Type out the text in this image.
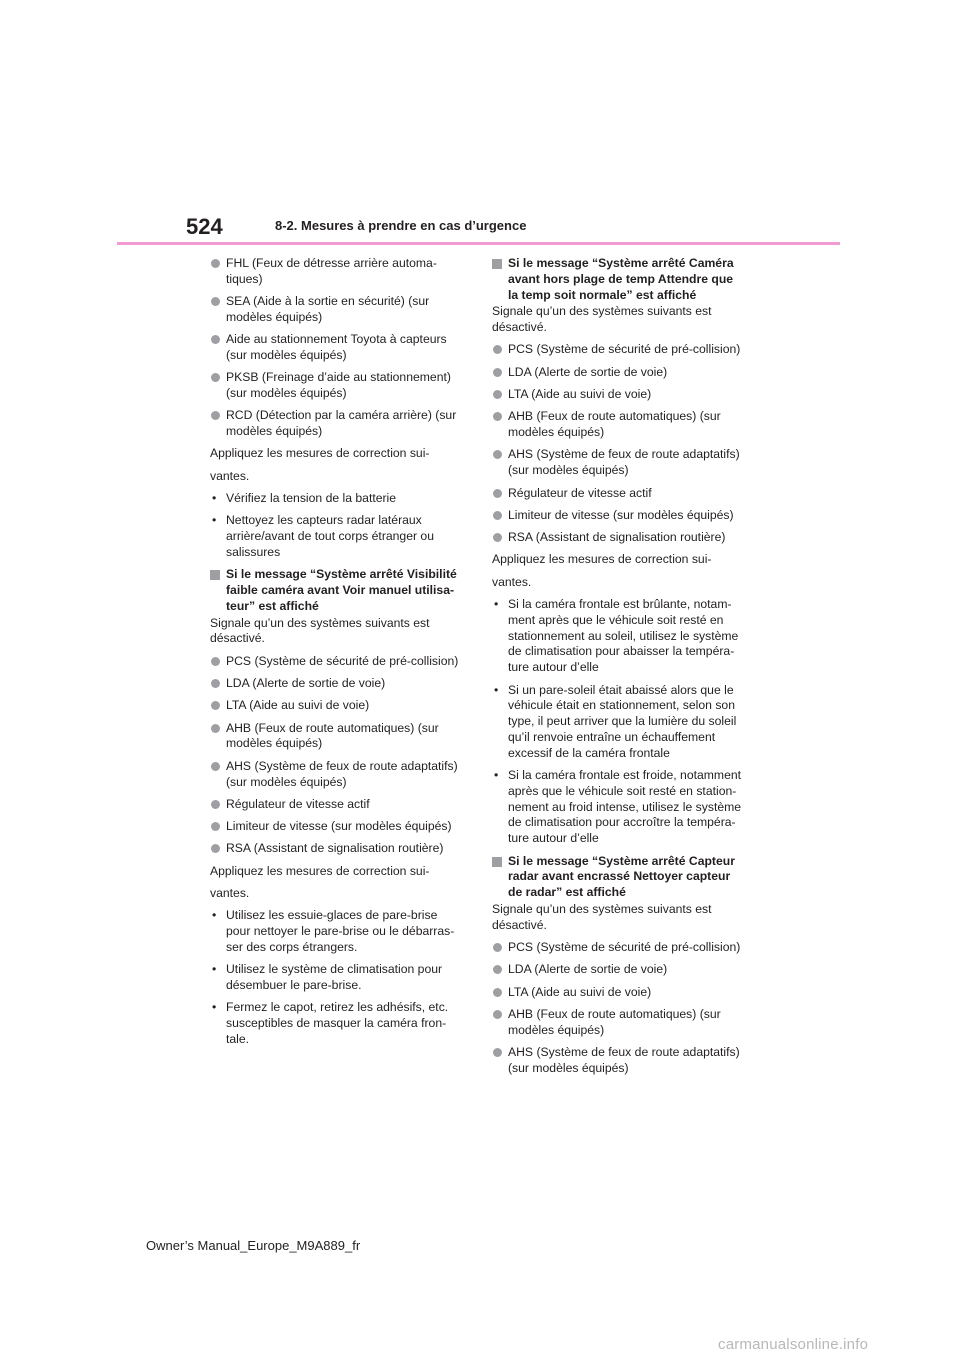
524	8-2. Mesures à prendre en cas d’urgence
FHL (Feux de détresse arrière automa-
tiques)
SEA (Aide à la sortie en sécurité) (sur
modèles équipés)
Aide au stationnement Toyota à capteurs
(sur modèles équipés)
PKSB (Freinage d’aide au stationnement)
(sur modèles équipés)
RCD (Détection par la caméra arrière) (sur
modèles équipés)
Appliquez les mesures de correction sui-
vantes.
• Vérifiez la tension de la batterie
• Nettoyez les capteurs radar latéraux
arrière/avant de tout corps étranger ou
salissures
Si le message “Système arrêté Visibilité
faible caméra avant Voir manuel utilisa-
teur” est affiché
Signale qu’un des systèmes suivants est
désactivé.
PCS (Système de sécurité de pré-collision)
LDA (Alerte de sortie de voie)
LTA (Aide au suivi de voie)
AHB (Feux de route automatiques) (sur
modèles équipés)
AHS (Système de feux de route adaptatifs)
(sur modèles équipés)
Régulateur de vitesse actif
Limiteur de vitesse (sur modèles équipés)
RSA (Assistant de signalisation routière)
Appliquez les mesures de correction sui-
vantes.
• Utilisez les essuie-glaces de pare-brise
pour nettoyer le pare-brise ou le débarras-
ser des corps étrangers.
• Utilisez le système de climatisation pour
désembuer le pare-brise.
• Fermez le capot, retirez les adhésifs, etc.
susceptibles de masquer la caméra fron-
tale.
Si le message “Système arrêté Caméra
avant hors plage de temp Attendre que
la temp soit normale” est affiché
Signale qu’un des systèmes suivants est
désactivé.
PCS (Système de sécurité de pré-collision)
LDA (Alerte de sortie de voie)
LTA (Aide au suivi de voie)
AHB (Feux de route automatiques) (sur
modèles équipés)
AHS (Système de feux de route adaptatifs)
(sur modèles équipés)
Régulateur de vitesse actif
Limiteur de vitesse (sur modèles équipés)
RSA (Assistant de signalisation routière)
Appliquez les mesures de correction sui-
vantes.
• Si la caméra frontale est brûlante, notam-
ment après que le véhicule soit resté en
stationnement au soleil, utilisez le système
de climatisation pour abaisser la tempéra-
ture autour d’elle
• Si un pare-soleil était abaissé alors que le
véhicule était en stationnement, selon son
type, il peut arriver que la lumière du soleil
qu’il renvoie entraîne un échauffement
excessif de la caméra frontale
• Si la caméra frontale est froide, notamment
après que le véhicule soit resté en station-
nement au froid intense, utilisez le système
de climatisation pour accroître la tempéra-
ture autour d’elle
Si le message “Système arrêté Capteur
radar avant encrassé Nettoyer capteur
de radar” est affiché
Signale qu’un des systèmes suivants est
désactivé.
PCS (Système de sécurité de pré-collision)
LDA (Alerte de sortie de voie)
LTA (Aide au suivi de voie)
AHB (Feux de route automatiques) (sur
modèles équipés)
AHS (Système de feux de route adaptatifs)
(sur modèles équipés)
Owner’s Manual_Europe_M9A889_fr
carmanualsonline.info
